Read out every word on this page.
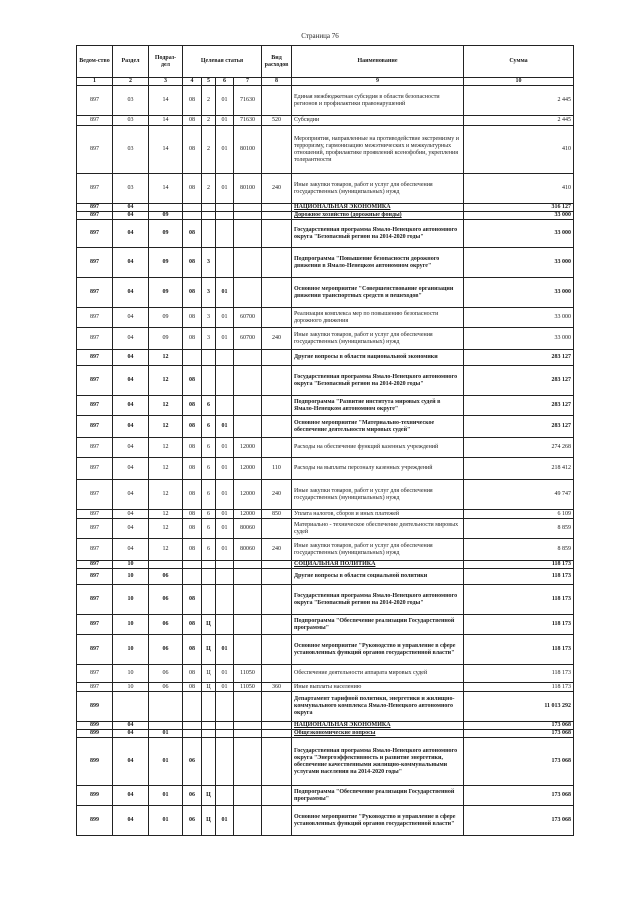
Страница 76
Ведом-ство	Раздел	Подраз-дел	Целевая статья				Вид расходов	Наименование	Сумма

1	2	3	4	5	6	7	8	9	10
897	03	14	08	2	01	71630		Единая межбюджетная субсидия в области безопасности регионов и профилактики правонарушений	2 445
897	03	14	08	2	01	71630	520	Субсидии	2 445
897	03	14	08	2	01	80100		Мероприятия, направленные на противодействие экстремизму и терроризму, гармонизацию межэтнических и межкультурных отношений, профилактике проявлений ксенофобии, укрепления толерантности	410
897	03	14	08	2	01	80100	240	Иные закупки товаров, работ и услуг для обеспечения государственных (муниципальных) нужд	410
897	04							НАЦИОНАЛЬНАЯ ЭКОНОМИКА	316 127
897	04	09						Дорожное хозяйство (дорожные фонды)	33 000
897	04	09	08					Государственная программа Ямало-Ненецкого автономного округа "Безопасный регион на 2014-2020 годы"	33 000
897	04	09	08	3				Подпрограмма "Повышение безопасности дорожного движения в Ямало-Ненецком автономном округе"	33 000
897	04	09	08	3	01			Основное мероприятие "Совершенствование организации движения транспортных средств и пешеходов"	33 000
897	04	09	08	3	01	60700		Реализация комплекса мер по повышению безопасности дорожного движения	33 000
897	04	09	08	3	01	60700	240	Иные закупки товаров, работ и услуг для обеспечения государственных (муниципальных) нужд	33 000
897	04	12						Другие вопросы в области национальной экономики	283 127
897	04	12	08					Государственная программа Ямало-Ненецкого автономного округа "Безопасный регион на 2014-2020 годы"	283 127
897	04	12	08	6				Подпрограмма "Развитие института мировых судей в Ямало-Ненецком автономном округе"	283 127
897	04	12	08	6	01			Основное мероприятие "Материально-техническое обеспечение деятельности мировых судей"	283 127
897	04	12	08	6	01	12000		Расходы на обеспечение функций казенных учреждений	274 268
897	04	12	08	6	01	12000	110	Расходы на выплаты персоналу казенных учреждений	218 412
897	04	12	08	6	01	12000	240	Иные закупки товаров, работ и услуг для обеспечения государственных (муниципальных) нужд	49 747
897	04	12	08	6	01	12000	850	Уплата налогов, сборов и иных платежей	6 109
897	04	12	08	6	01	80060		Материально - техническое обеспечение деятельности мировых судей	8 859
897	04	12	08	6	01	80060	240	Иные закупки товаров, работ и услуг для обеспечения государственных (муниципальных) нужд	8 859
897	10							СОЦИАЛЬНАЯ ПОЛИТИКА	118 173
897	10	06						Другие вопросы в области социальной политики	118 173
897	10	06	08					Государственная программа Ямало-Ненецкого автономного округа "Безопасный регион на 2014-2020 годы"	118 173
897	10	06	08	Ц				Подпрограмма "Обеспечение реализации Государственной программы"	118 173
897	10	06	08	Ц	01			Основное мероприятие "Руководство и управление в сфере установленных функций органов государственной власти"	118 173
897	10	06	08	Ц	01	11050		Обеспечение деятельности аппарата мировых судей	118 173
897	10	06	08	Ц	01	11050	360	Иные выплаты населению	118 173
899								Департамент тарифной политики, энергетики и жилищно-коммунального комплекса Ямало-Ненецкого автономного округа	11 013 292
899	04							НАЦИОНАЛЬНАЯ ЭКОНОМИКА	173 068
899	04	01						Общеэкономические вопросы	173 068
899	04	01	06					Государственная программа Ямало-Ненецкого автономного округа "Энергоэффективность и развитие энергетики, обеспечение качественными жилищно-коммунальными услугами населения на 2014-2020 годы"	173 068
899	04	01	06	Ц				Подпрограмма "Обеспечение реализации Государственной программы"	173 068
899	04	01	06	Ц	01			Основное мероприятие "Руководство и управление в сфере установленных функций органов государственной власти"	173 068
